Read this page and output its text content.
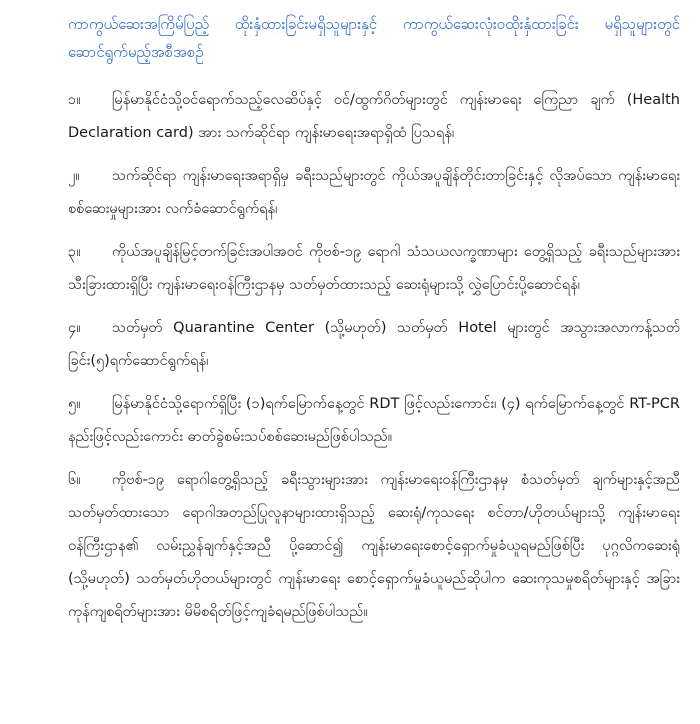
ကာကွယ်ဆေးအကြိမ်ပြည့် ထိုးနှံထားခြင်းမရှိသူများနှင့် ကာကွယ်ဆေးလုံးဝထိုးနှံထားခြင်း မရှိသူများတွင် ဆောင်ရွက်မည့်အစီအစဉ်

၁။ မြန်မာနိုင်ငံသို့ဝင်ရောက်သည့်လေဆိပ်နှင့် ဝင်/ထွက်ဂိတ်များတွင် ကျန်းမာရေး ကြေညာ ချက် (Health Declaration card) အား သက်ဆိုင်ရာ ကျန်းမာရေးအရာရှိထံ ပြသရန်၊

၂။ သက်ဆိုင်ရာ ကျန်းမာရေးအရာရှိမှ ခရီးသည်များတွင် ကိုယ်အပူချိန်တိုင်းတာခြင်းနှင့် လိုအပ်သော ကျန်းမာရေးစစ်ဆေးမှုများအား လက်ခံဆောင်ရွက်ရန်၊

၃။ ကိုယ်အပူချိန်မြင့်တက်ခြင်းအပါအဝင် ကိုဗစ်-၁၉ ရောဂါ သံသယလက္ခဏာများ တွေ့ရှိသည့် ခရီးသည်များအား သီးခြားထားရှိပြီး ကျန်းမာရေးဝန်ကြီးဌာနမှ သတ်မှတ်ထားသည့် ဆေးရုံများသို့ လွှဲပြောင်းပို့ဆောင်ရန်၊

၄။ သတ်မှတ် Quarantine Center (သို့မဟုတ်) သတ်မှတ် Hotel များတွင် အသွားအလာကန့်သတ်ခြင်း(၅)ရက်ဆောင်ရွက်ရန်၊

၅။ မြန်မာနိုင်ငံသို့ရောက်ရှိပြီး (၁)ရက်မြောက်နေ့တွင် RDT ဖြင့်လည်းကောင်း၊ (၄) ရက်မြောက်နေ့တွင် RT-PCR နည်းဖြင့်လည်းကောင်း ဓာတ်ခွဲစမ်းသပ်စစ်ဆေးမည်ဖြစ်ပါသည်။

၆။ ကိုဗစ်-၁၉ ရောဂါတွေ့ရှိသည့် ခရီးသွားများအား ကျန်းမာရေးဝန်ကြီးဌာနမှ စံသတ်မှတ် ချက်များနှင့်အညီသတ်မှတ်ထားသော ရောဂါအတည်ပြုလူနာများထားရှိသည့် ဆေးရုံ/ကုသရေး စင်တာ/ဟိုတယ်များသို့ ကျန်းမာရေးဝန်ကြီးဌာန၏ လမ်းညွှန်ချက်နှင့်အညီ ပို့ဆောင်၍ ကျန်းမာရေးစောင့်ရှောက်မှုခံယူရမည်ဖြစ်ပြီး ပုဂ္ဂလိကဆေးရုံ (သို့မဟုတ်) သတ်မှတ်ဟိုတယ်များတွင် ကျန်းမာရေး စောင့်ရှောက်မှုခံယူမည်ဆိုပါက ဆေးကုသမှုစရိတ်များနှင့် အခြားကုန်ကျစရိတ်များအား မိမိစရိတ်ဖြင့်ကျခံရမည်ဖြစ်ပါသည်။
